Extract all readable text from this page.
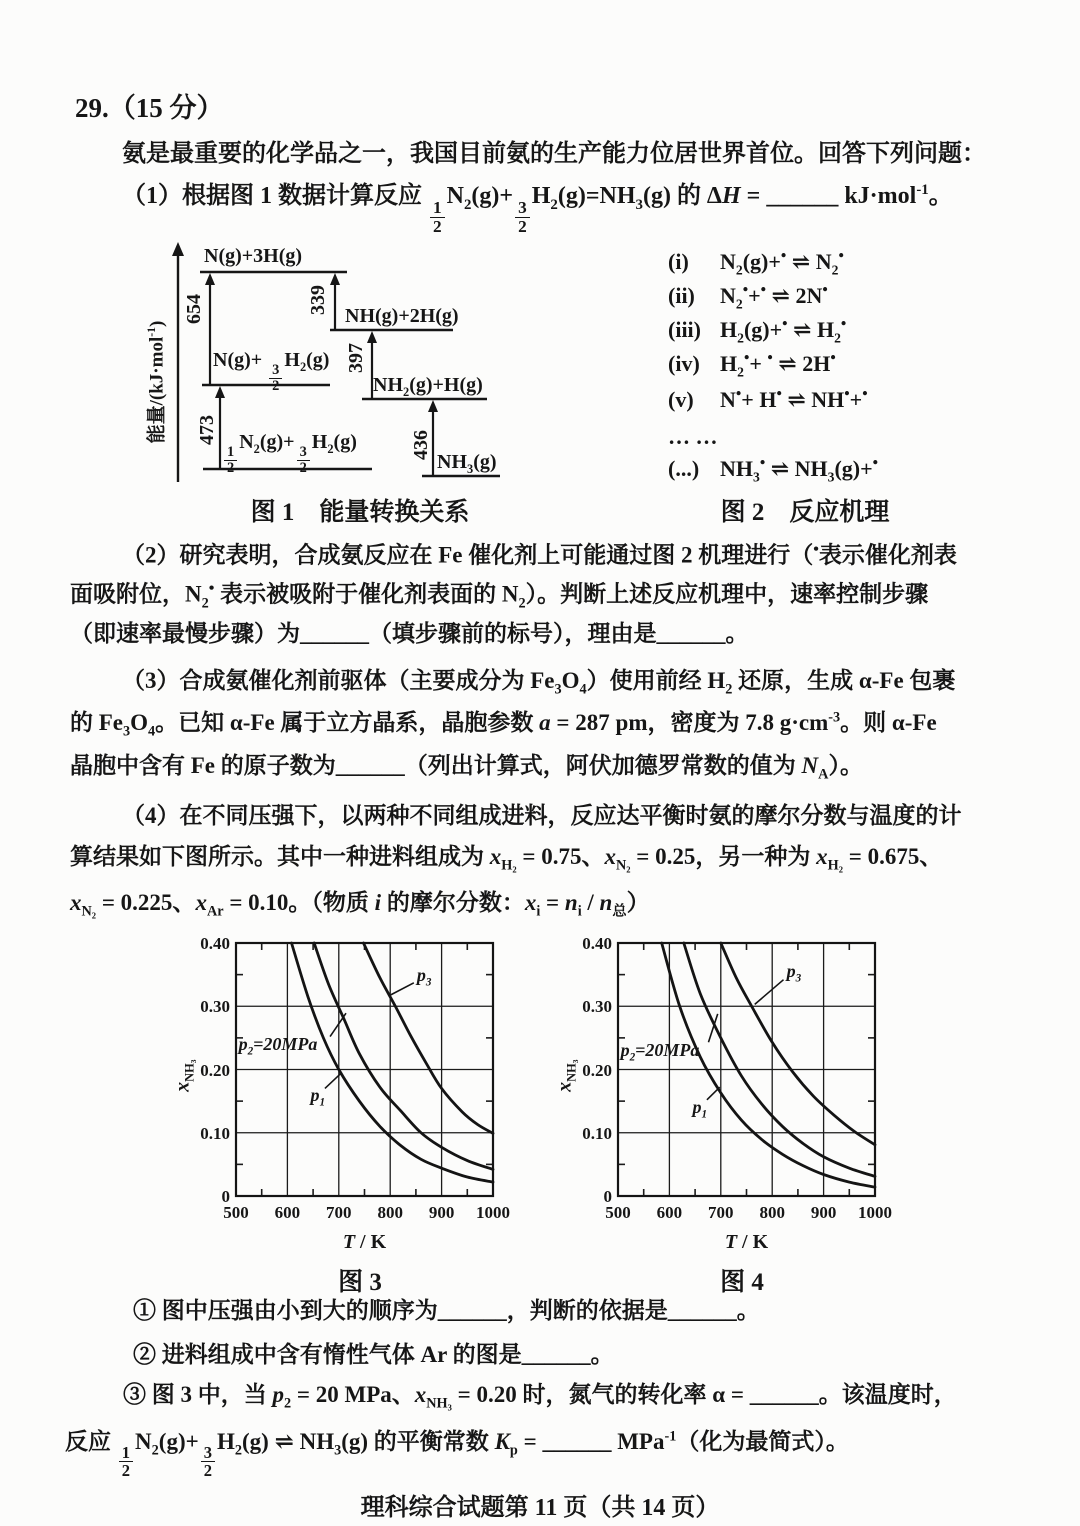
29.（15 分）
氨是最重要的化学品之一，我国目前氨的生产能力位居世界首位。回答下列问题：
（1）根据图 1 数据计算反应
$\frac{1}{2}$
$N_2(g)+$
$\frac{3}{2}$
$H_2(g)=NH_3(g)$ 的 ΔH = ______ kJ·mol$^{-1}$。
能量/(kJ·mol$^{-1}$)
N(g)+3H(g)
N(g)+
$\frac{3}{2}$
$H_2(g)$
NH(g)+2H(g)
$NH_2(g)+H(g)$
$\frac{1}{2}$
$N_2(g)+$
$\frac{3}{2}$
$H_2(g)$
$NH_3(g)$
654	339
397
473	436
图 1　能量转换关系
(i) $N_2(g)+^•$ ⇌ $N_2^•$
(ii) $N_2^•+^•$ ⇌ 2N•
(iii) $H_2(g)+^•$ ⇌ $H_2^•$
(iv) $H_2^•+ ^•$ ⇌ 2H•
(v) N•+ H• ⇌ NH•+•
… …
(...) $NH_3^•$ ⇌ $NH_3(g)+^•$
图 2　反应机理
（2）研究表明，合成氨反应在 Fe 催化剂上可能通过图 2 机理进行（•表示催化剂表
面吸附位，$N_2^•$ 表示被吸附于催化剂表面的 $N_2$）。判断上述反应机理中，速率控制步骤
（即速率最慢步骤）为______（填步骤前的标号），理由是______。
（3）合成氨催化剂前驱体（主要成分为 $Fe_3O_4$）使用前经 $H_2$ 还原，生成 α-Fe 包裹
的 $Fe_3O_4$。已知 α-Fe 属于立方晶系，晶胞参数 a = 287 pm，密度为 7.8 $g\cdot cm^{-3}$。则 α-Fe
晶胞中含有 Fe 的原子数为______（列出计算式，阿伏加德罗常数的值为 $N_A$）。
（4）在不同压强下，以两种不同组成进料，反应达平衡时氨的摩尔分数与温度的计
算结果如下图所示。其中一种进料组成为 $x_{H_2} = 0.75$、$x_{N_2} = 0.25$，另一种为 $x_{H_2} = 0.675$、
$x_{N_2} = 0.225$、$x_{Ar} = 0.10$。（物质 i 的摩尔分数：$x_i = n_i / n_总$）
$p_3$
$p_2=20MPa$
$p_1$
500	600	700	800	900	1000
0
0.10
0.20
0.30
0.40
T / K
$x_{NH_3}$
$p_3$
$p_2=20MPa$
$p_1$
500	600	700	800	900	1000
0
0.10
0.20
0.30
0.40
T / K
$x_{NH_3}$
图 3	图 4
① 图中压强由小到大的顺序为______，判断的依据是______。
② 进料组成中含有惰性气体 Ar 的图是______。
③ 图 3 中，当 $p_2 = 20$ MPa、$x_{NH_3} = 0.20$ 时，氮气的转化率 α = ______。该温度时，
反应
$\frac{1}{2}$
$N_2(g)+$
$\frac{3}{2}$
$H_2(g)$ ⇌ $NH_3(g)$ 的平衡常数 $K_p$ = ______ MPa$^{-1}$（化为最简式）。
理科综合试题第 11 页（共 14 页）
